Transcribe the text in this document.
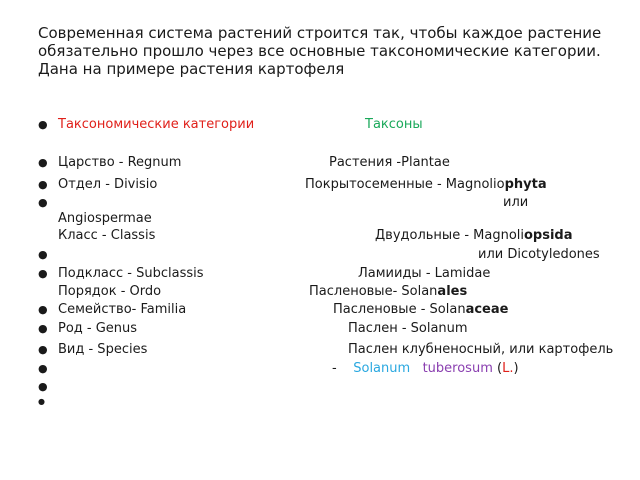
Современная система растений строится так, чтобы каждое растение обязательно прошло через все основные таксономические категории.
Дана на примере растения картофеля
● Таксономические категории	Таксоны
● Царство - Regnum	Растения -Plantae
● Отдел - Divisio	Покрытосеменные - Magnoliophyta
●	или
Angiospermae
Класс - Classis	Двудольные - Magnoliopsida
●	или Dicotyledones
● Подкласс - Subclassis	Ламииды - Lamidae
Порядок - Ordo	Пасленовые- Solanales
● Семейство- Familia	Пасленовые - Solanaceae
● Род - Genus	Паслен - Solanum
● Вид - Species	Паслен клубненосный, или картофель
●	- Solanum tuberosum (L.)
●
●
